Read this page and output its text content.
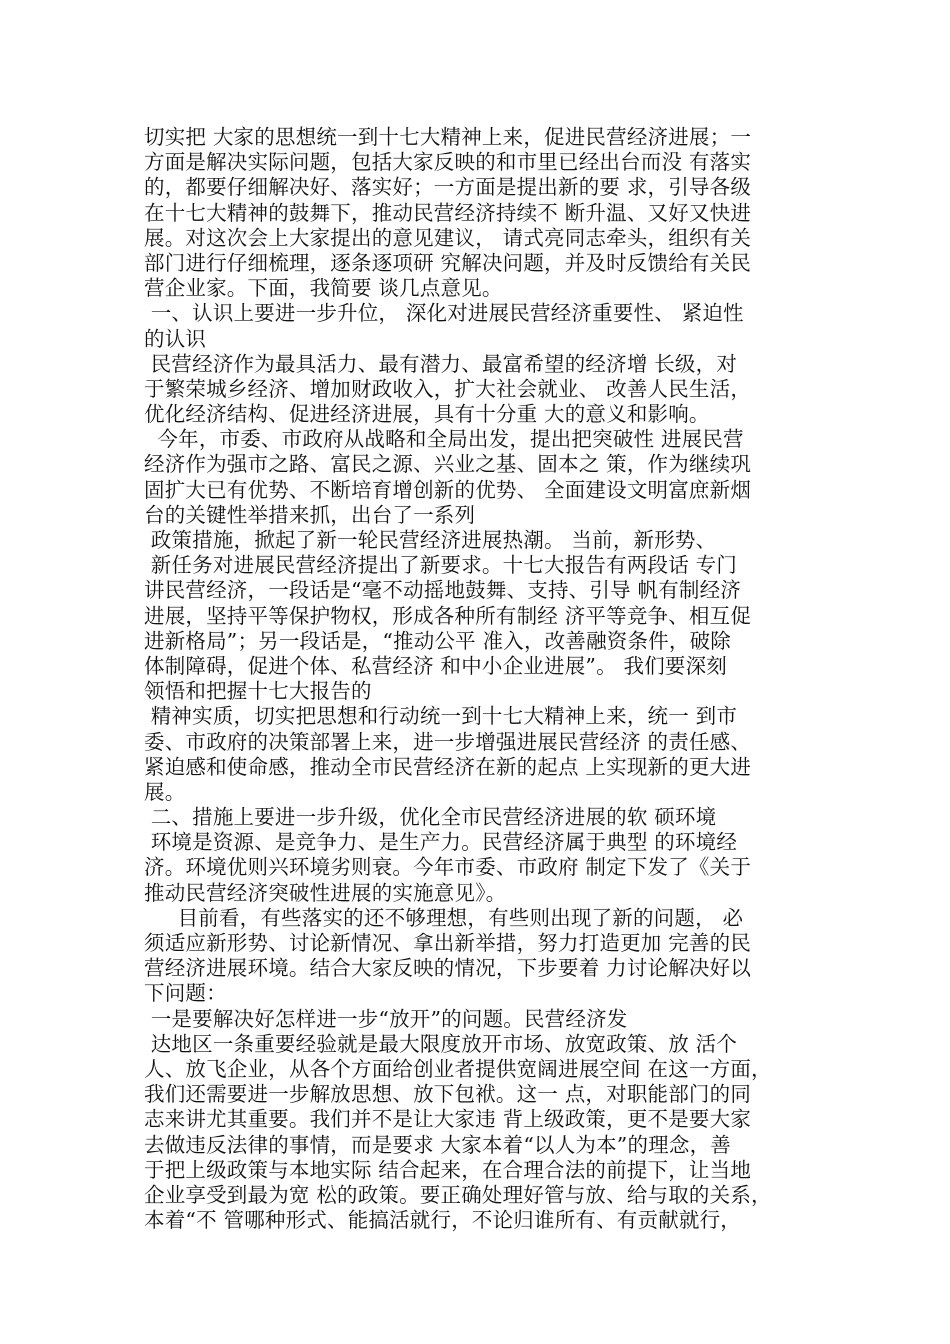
切实把 大家的思想统一到十七大精神上来，促进民营经济进展；一
方面是解决实际问题，包括大家反映的和市里已经出台而没 有落实
的，都要仔细解决好、落实好；一方面是提出新的要 求，引导各级
在十七大精神的鼓舞下，推动民营经济持续不 断升温、又好又快进
展。对这次会上大家提出的意见建议， 请式亮同志牵头，组织有关
部门进行仔细梳理，逐条逐项研 究解决问题，并及时反馈给有关民
营企业家。下面，我简要 谈几点意见。
一、认识上要进一步升位， 深化对进展民营经济重要性、 紧迫性
的认识
民营经济作为最具活力、最有潜力、最富希望的经济增 长级，对
于繁荣城乡经济、增加财政收入，扩大社会就业、 改善人民生活，
优化经济结构、促进经济进展，具有十分重 大的意义和影响。
今年，市委、市政府从战略和全局出发，提出把突破性 进展民营
经济作为强市之路、富民之源、兴业之基、固本之 策，作为继续巩
固扩大已有优势、不断培育增创新的优势、 全面建设文明富庶新烟
台的关键性举措来抓，出台了一系列
政策措施，掀起了新一轮民营经济进展热潮。 当前，新形势、
新任务对进展民营经济提出了新要求。十七大报告有两段话 专门
讲民营经济，一段话是“毫不动摇地鼓舞、支持、引导 帆有制经济
进展，坚持平等保护物权，形成各种所有制经 济平等竞争、相互促
进新格局”；另一段话是，“推动公平 准入，改善融资条件，破除
体制障碍，促进个体、私营经济 和中小企业进展”。 我们要深刻
领悟和把握十七大报告的
精神实质，切实把思想和行动统一到十七大精神上来，统一 到市
委、市政府的决策部署上来，进一步增强进展民营经济 的责任感、
紧迫感和使命感，推动全市民营经济在新的起点 上实现新的更大进
展。
二、措施上要进一步升级，优化全市民营经济进展的软 硕环境
环境是资源、是竞争力、是生产力。民营经济属于典型 的环境经
济。环境优则兴环境劣则衰。今年市委、市政府 制定下发了《关于
推动民营经济突破性进展的实施意见》。
目前看，有些落实的还不够理想，有些则出现了新的问题， 必
须适应新形势、讨论新情况、拿出新举措，努力打造更加 完善的民
营经济进展环境。结合大家反映的情况，下步要着 力讨论解决好以
下问题：
一是要解决好怎样进一步“放开”的问题。民营经济发
达地区一条重要经验就是最大限度放开市场、放宽政策、放 活个
人、放飞企业，从各个方面给创业者提供宽阔进展空间 在这一方面，
我们还需要进一步解放思想、放下包袱。这一 点，对职能部门的同
志来讲尤其重要。我们并不是让大家违 背上级政策，更不是要大家
去做违反法律的事情，而是要求 大家本着“以人为本”的理念，善
于把上级政策与本地实际 结合起来，在合理合法的前提下，让当地
企业享受到最为宽 松的政策。要正确处理好管与放、给与取的关系，
本着“不 管哪种形式、能搞活就行，不论归谁所有、有贡献就行，
